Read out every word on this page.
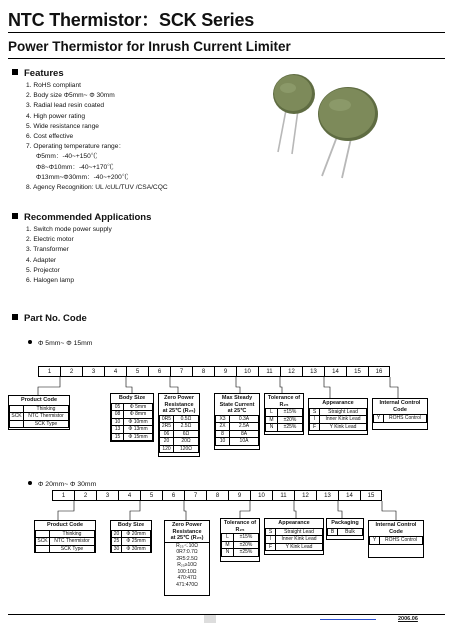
NTC Thermistor：SCK Series
Power Thermistor for Inrush Current Limiter
Features
1. RoHS compliant
2. Body size Φ5mm~ Φ 30mm
3. Radial lead resin coated
4. High power rating
5. Wide resistance range
6. Cost effective
7. Operating temperature range：
Φ5mm：-40~+150℃
Φ8~Φ10mm：-40~+170℃
Φ13mm~Φ30mm：-40~+200℃
8. Agency Recognition: UL /cUL/TUV /CSA/CQC
Recommended Applications
1. Switch mode power supply
2. Electric motor
3. Transformer
4. Adapter
5. Projector
6. Halogen lamp
Part No. Code
Φ 5mm~ Φ 15mm
1	2	3	4	5	6	7	8	9	10	11	12	13	14	15	16
Product Code
	Thinking
SCK	NTC Thermistor
	SCK Type
Body Size
05	Φ 5mm
08	Φ 8mm
10	Φ 10mm
13	Φ 13mm
15	Φ 15mm
Zero Power
Resistance
at 25℃ (R₂₅)
0R5	0.5Ω
2R5	2.5Ω
06	6Ω
20	20Ω
120	120Ω
Max Steady
State Current
at 25℃
X3	0.3A
2X	2.5A
8	8A
10	10A
Tolerance of
R₂₅
L	±15%
M	±20%
N	±25%
Appearance
S	Straight Lead
I	Inner Kink Lead
F	Y Kink Lead
Internal Control
Code
Y	ROHS Control
Φ 20mm~ Φ 30mm
1	2	3	4	5	6	7	8	9	10	11	12	13	14	15
Product Code
	Thinking
SCK	NTC Thermistor
	SCK Type
Body Size
20	Φ 20mm
25	Φ 25mm
30	Φ 30mm
Zero Power
Resistance
at 25℃ (R₂₅)
R₂₅＜10Ω
0R7:0.7Ω
2R5:2.5Ω
R₂₅≥10Ω
100:10Ω
470:47Ω
471:470Ω
Tolerance of
R₂₅
L	±15%
M	±20%
N	±25%
Appearance
S	Straight Lead
I	Inner Kink Lead
F	Y Kink Lead
Packaging
B	Bulk
Internal Control
Code
Y	ROHS Control
2006.06
